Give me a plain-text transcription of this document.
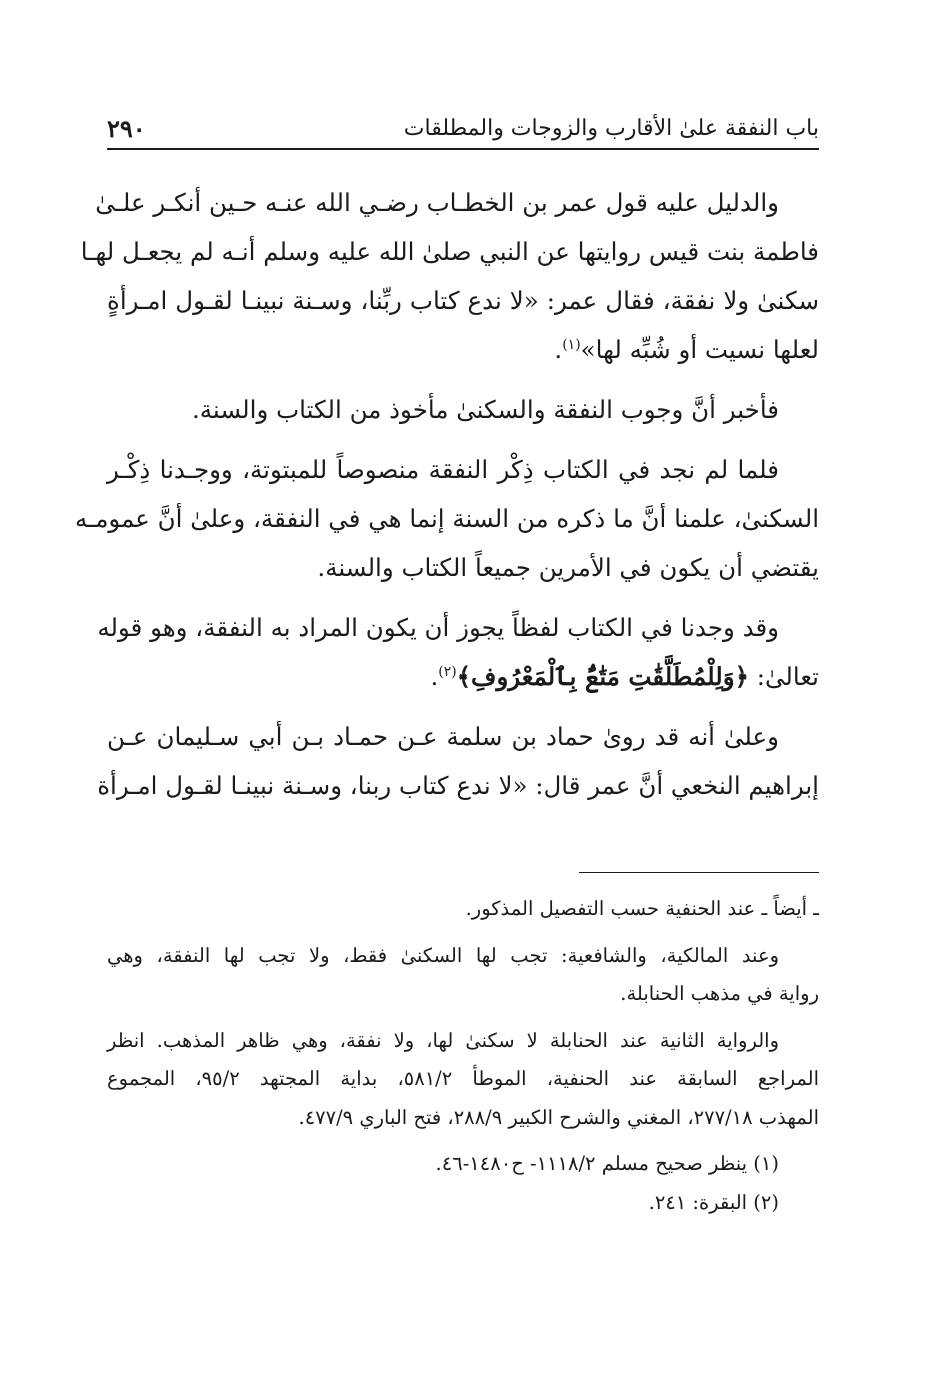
باب النفقة علىٰ الأقارب والزوجات والمطلقات
٢٩٠

والدليل عليه قول عمر بن الخطـاب رضـي الله عنـه حـين أنكـر علـىٰ
فاطمة بنت قيس روايتها عن النبي صلىٰ الله عليه وسلم أنـه لم يجعـل لهـا
سكنىٰ ولا نفقة، فقال عمر: «لا ندع كتاب ربِّنا، وسـنة نبينـا لقـول امـرأةٍ
لعلها نسيت أو شُبِّه لها»$^{(١)}$.

فأخبر أنَّ وجوب النفقة والسكنىٰ مأخوذ من الكتاب والسنة.

فلما لم نجد في الكتاب ذِكْر النفقة منصوصاً للمبتوتة، ووجـدنا ذِكْـر
السكنىٰ، علمنا أنَّ ما ذكره من السنة إنما هي في النفقة، وعلىٰ أنَّ عمومـه
يقتضي أن يكون في الأمرين جميعاً الكتاب والسنة.

وقد وجدنا في الكتاب لفظاً يجوز أن يكون المراد به النفقة، وهو قوله
تعالىٰ: ﴿وَلِلْمُطَلَّقَٰتِ مَتَٰعٌۢ بِٱلْمَعْرُوفِ﴾$^{(٢)}$.

وعلىٰ أنه قد روىٰ حماد بن سلمة عـن حمـاد بـن أبي سـليمان عـن
إبراهيم النخعي أنَّ عمر قال: «لا ندع كتاب ربنا، وسـنة نبينـا لقـول امـرأة

ـ أيضاً ـ عند الحنفية حسب التفصيل المذكور.

وعند المالكية، والشافعية: تجب لها السكنىٰ فقط، ولا تجب لها النفقة، وهي
رواية في مذهب الحنابلة.

والرواية الثانية عند الحنابلة لا سكنىٰ لها، ولا نفقة، وهي ظاهر المذهب. انظر
المراجع السابقة عند الحنفية، الموطأ ٥٨١/٢، بداية المجتهد ٩٥/٢، المجموع
المهذب ٢٧٧/١٨، المغني والشرح الكبير ٢٨٨/٩، فتح الباري ٤٧٧/٩.

(١) ينظر صحيح مسلم ١١١٨/٢- ح١٤٨٠-٤٦.

(٢) البقرة: ٢٤١.
